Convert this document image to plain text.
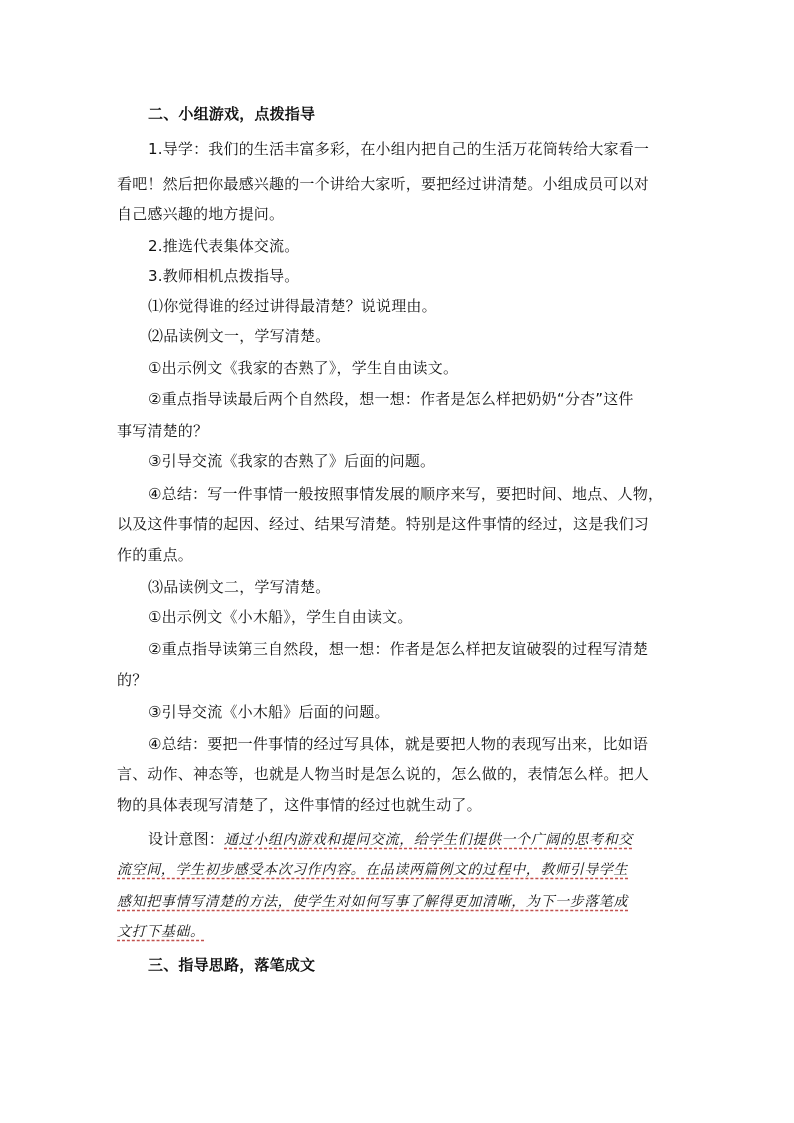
二、小组游戏，点拨指导
1.导学：我们的生活丰富多彩，在小组内把自己的生活万花筒转给大家看一
看吧！然后把你最感兴趣的一个讲给大家听，要把经过讲清楚。小组成员可以对
自己感兴趣的地方提问。
2.推选代表集体交流。
3.教师相机点拨指导。
⑴你觉得谁的经过讲得最清楚？说说理由。
⑵品读例文一，学写清楚。
①出示例文《我家的杏熟了》，学生自由读文。
②重点指导读最后两个自然段，想一想：作者是怎么样把奶奶“分杏”这件
事写清楚的？
③引导交流《我家的杏熟了》后面的问题。
④总结：写一件事情一般按照事情发展的顺序来写，要把时间、地点、人物，
以及这件事情的起因、经过、结果写清楚。特别是这件事情的经过，这是我们习
作的重点。
⑶品读例文二，学写清楚。
①出示例文《小木船》，学生自由读文。
②重点指导读第三自然段，想一想：作者是怎么样把友谊破裂的过程写清楚
的？
③引导交流《小木船》后面的问题。
④总结：要把一件事情的经过写具体，就是要把人物的表现写出来，比如语
言、动作、神态等，也就是人物当时是怎么说的，怎么做的，表情怎么样。把人
物的具体表现写清楚了，这件事情的经过也就生动了。
设计意图：通过小组内游戏和提问交流，给学生们提供一个广阔的思考和交
流空间，学生初步感受本次习作内容。在品读两篇例文的过程中，教师引导学生
感知把事情写清楚的方法，使学生对如何写事了解得更加清晰，为下一步落笔成
文打下基础。
三、指导思路，落笔成文
